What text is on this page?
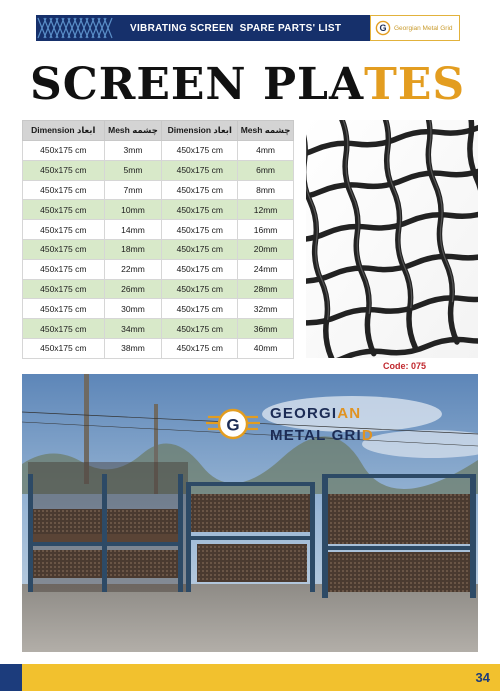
VIBRATING SCREEN  SPARE PARTS' LIST	G Georgian Metal Grid
SCREEN PLA TES
Dimension ابعاد	Mesh چشمه	Dimension ابعاد	Mesh چشمه
450x175 cm	3mm	450x175 cm	4mm
450x175 cm	5mm	450x175 cm	6mm
450x175 cm	7mm	450x175 cm	8mm
450x175 cm	10mm	450x175 cm	12mm
450x175 cm	14mm	450x175 cm	16mm
450x175 cm	18mm	450x175 cm	20mm
450x175 cm	22mm	450x175 cm	24mm
450x175 cm	26mm	450x175 cm	28mm
450x175 cm	30mm	450x175 cm	32mm
450x175 cm	34mm	450x175 cm	36mm
450x175 cm	38mm	450x175 cm	40mm
Code: 075
G
GEORGIAN
METAL GRID
34
